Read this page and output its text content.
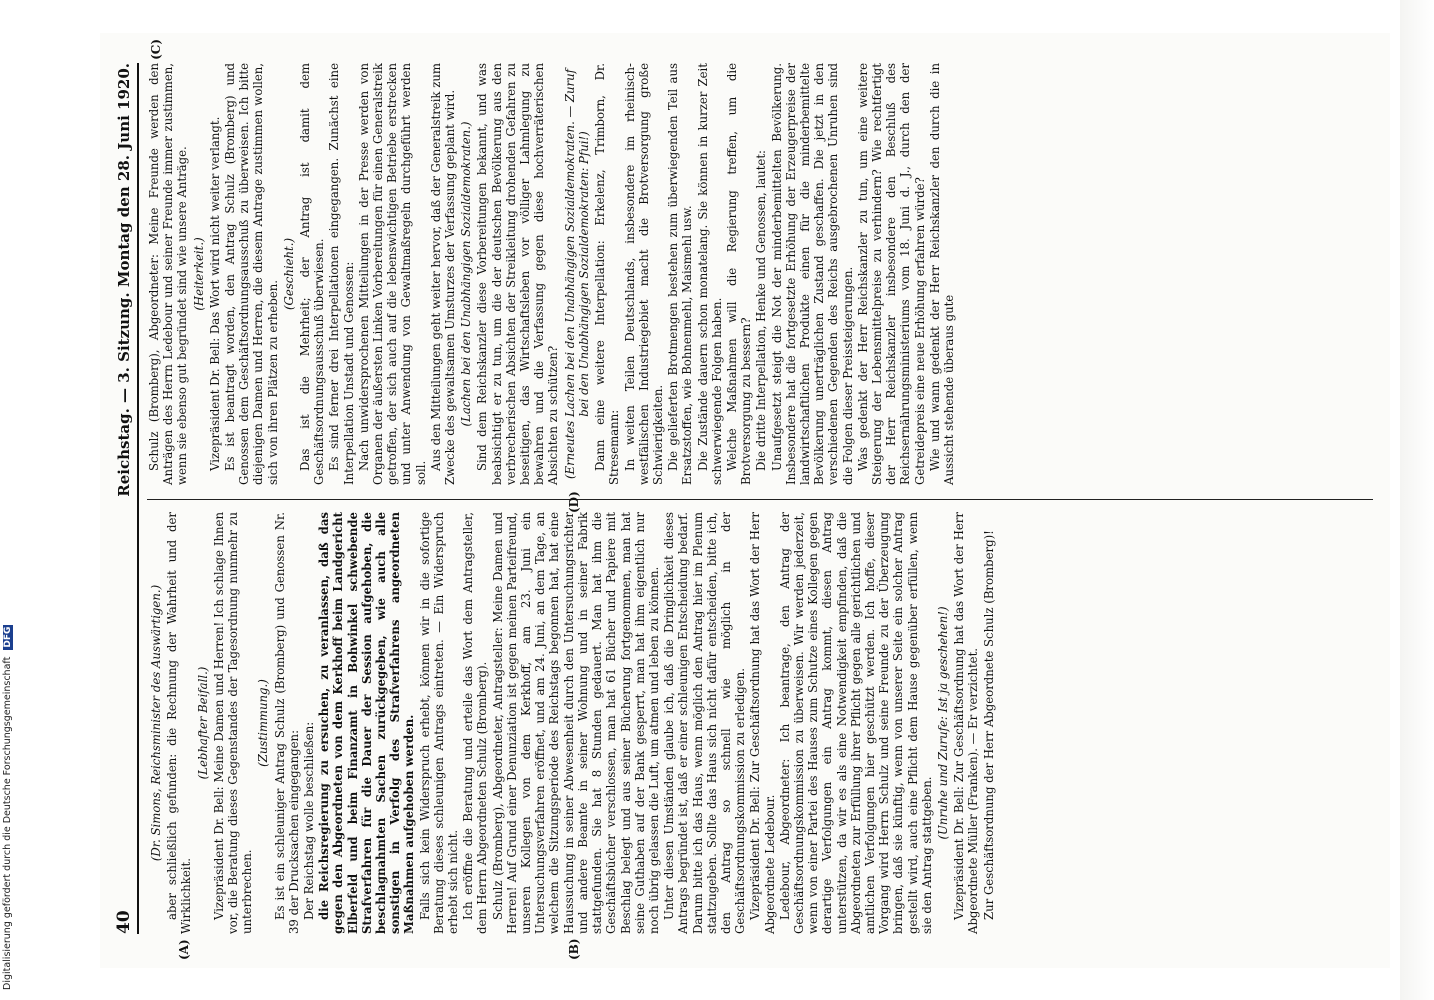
Digitalisierung gefördert durch die Deutsche Forschungsgemeinschaft DFG
40
Reichstag. — 3. Sitzung. Montag den 28. Juni 1920.
(A)	(B)

(Dr. Simons, Reichsminister des Auswärtigen.) aber schließlich gefunden: die Rechnung der Wahrheit und der Wirklichkeit.

(Lebhafter Beifall.) Vizepräsident Dr. Bell: Meine Damen und Herren! Ich schlage Ihnen vor, die Beratung dieses Gegenstandes der Tagesordnung nunmehr zu unterbrechen.

(Zustimmung.) Es ist ein schleuniger Antrag Schulz (Bromberg) und Genossen Nr. 39 der Drucksachen eingegangen: Der Reichstag wolle beschließen: die Reichsregierung zu ersuchen, zu veranlassen, daß das gegen den Abgeordneten von dem Kerkhoff beim Landgericht Elberfeld und beim Finanzamt in Bohwinkel schwebende Strafverfahren für die Dauer der Session aufgehoben, die beschlagnahmten Sachen zurückgegeben, wie auch alle sonstigen in Verfolg des Strafverfahrens angeordneten Maßnahmen aufgehoben werden. Falls sich kein Widerspruch erhebt, können wir in die sofortige Beratung dieses schleunigen Antrags eintreten. — Ein Widerspruch erhebt sich nicht. Ich eröffne die Beratung und erteile das Wort dem Antragsteller, dem Herrn Abgeordneten Schulz (Bromberg). Schulz (Bromberg), Abgeordneter, Antragsteller: Meine Damen und Herren! Auf Grund einer Denunziation ist gegen meinen Parteifreund, unseren Kollegen von dem Kerkhoff, am 23. Juni ein Untersuchungsverfahren eröffnet, und am 24. Juni, an dem Tage, an welchem die Sitzungsperiode des Reichstags begonnen hat, hat eine Haussuchung in seiner Abwesenheit durch den Untersuchungsrichter und andere Beamte in seiner Wohnung und in seiner Fabrik stattgefunden. Sie hat 8 Stunden gedauert. Man hat ihm die Geschäftsbücher verschlossen, man hat 61 Bücher und Papiere mit Beschlag belegt und aus seiner Bücherung fortgenommen, man hat seine Guthaben auf der Bank gesperrt, man hat ihm eigentlich nur noch übrig gelassen die Luft, um atmen und leben zu können. Unter diesen Umständen glaube ich, daß die Dringlichkeit dieses Antrags begründet ist, daß er einer schleunigen Entscheidung bedarf. Darum bitte ich das Haus, wenn möglich den Antrag hier im Plenum stattzugeben. Sollte das Haus sich nicht dafür entscheiden, bitte ich, den Antrag so schnell wie möglich in der Geschäftsordnungskommission zu erledigen. Vizepräsident Dr. Bell: Zur Geschäftsordnung hat das Wort der Herr Abgeordnete Ledebour. Ledebour, Abgeordneter: Ich beantrage, den Antrag der Geschäftsordnungskommission zu überweisen. Wir werden jederzeit, wenn von einer Partei des Hauses zum Schutze eines Kollegen gegen derartige Verfolgungen ein Antrag kommt, diesen Antrag unterstützen, da wir es als eine Notwendigkeit empfinden, daß die Abgeordneten zur Erfüllung ihrer Pflicht gegen alle gerichtlichen und amtlichen Verfolgungen hier geschützt werden. Ich hoffe, dieser Vorgang wird Herrn Schulz und seine Freunde zu der Überzeugung bringen, daß sie künftig, wenn von unserer Seite ein solcher Antrag gestellt wird, auch eine Pflicht dem Hause gegenüber erfüllen, wenn sie den Antrag stattgeben.

(Unruhe und Zurufe: Ist ja geschehen!) Vizepräsident Dr. Bell: Zur Geschäftsordnung hat das Wort der Herr Abgeordnete Müller (Franken). — Er verzichtet. Zur Geschäftsordnung der Herr Abgeordnete Schulz (Bromberg)!

(C)
(D)

Schulz (Bromberg), Abgeordneter: Meine Freunde werden den Anträgen des Herrn Ledebour und seiner Freunde immer zustimmen, wenn sie ebenso gut begründet sind wie unsere Anträge. (Heiterkeit.) Vizepräsident Dr. Bell: Das Wort wird nicht weiter verlangt. Es ist beantragt worden, den Antrag Schulz (Bromberg) und Genossen dem Geschäftsordnungsausschuß zu überweisen. Ich bitte diejenigen Damen und Herren, die diesem Antrage zustimmen wollen, sich von ihren Plätzen zu erheben.

(Geschieht.) Das ist die Mehrheit; der Antrag ist damit dem Geschäftsordnungsausschuß überwiesen. Es sind ferner drei Interpellationen eingegangen. Zunächst eine Interpellation Unstadt und Genossen: Nach unwidersprochenen Mitteilungen in der Presse werden von Organen der äußersten Linken Vorbereitungen für einen Generalstreik getroffen, der sich auch auf die lebenswichtigen Betriebe erstrecken und unter Anwendung von Gewaltmaßregeln durchgeführt werden soll.

Aus den Mitteilungen geht weiter hervor, daß der Generalstreik zum Zwecke des gewaltsamen Umsturzes der Verfassung geplant wird. (Lachen bei den Unabhängigen Sozialdemokraten.) Sind dem Reichskanzler diese Vorbereitungen bekannt, und was beabsichtigt er zu tun, um die der deutschen Bevölkerung aus den verbrecherischen Absichten der Streikleitung drohenden Gefahren zu beseitigen, das Wirtschaftsleben vor völliger Lahmlegung zu bewahren und die Verfassung gegen diese hochverräterischen Absichten zu schützen? (Erneutes Lachen bei den Unabhängigen Sozialdemokraten. — Zuruf bei den Unabhängigen Sozialdemokraten: Pfui!) Dann eine weitere Interpellation: Erkelenz, Trimborn, Dr. Stresemann: In weiten Teilen Deutschlands, insbesondere im rheinisch-westfälischen Industriegebiet macht die Brotversorgung große Schwierigkeiten. Die gelieferten Brotmengen bestehen zum überwiegenden Teil aus Ersatzstoffen, wie Bohnenmehl, Maismehl usw. Die Zustände dauern schon monatelang. Sie können in kurzer Zeit schwerwiegende Folgen haben. Welche Maßnahmen will die Regierung treffen, um die Brotversorgung zu bessern? Die dritte Interpellation, Henke und Genossen, lautet: Unaufgesetzt steigt die Not der minderbemittelten Bevölkerung. Insbesondere hat die fortgesetzte Erhöhung der Erzeugerpreise der landwirtschaftlichen Produkte einen für die minderbemittelte Bevölkerung unerträglichen Zustand geschaffen. Die jetzt in den verschiedenen Gegenden des Reichs ausgebrochenen Unruhen sind die Folgen dieser Preissteigerungen. Was gedenkt der Herr Reichskanzler zu tun, um eine weitere Steigerung der Lebensmittelpreise zu verhindern? Wie rechtfertigt der Herr Reichskanzler insbesondere den Beschluß des Reichsernährungsministeriums vom 18. Juni d. J., durch den der Getreidepreis eine neue Erhöhung erfahren würde? Wie und wann gedenkt der Herr Reichskanzler den durch die in Aussicht stehende überaus gute
